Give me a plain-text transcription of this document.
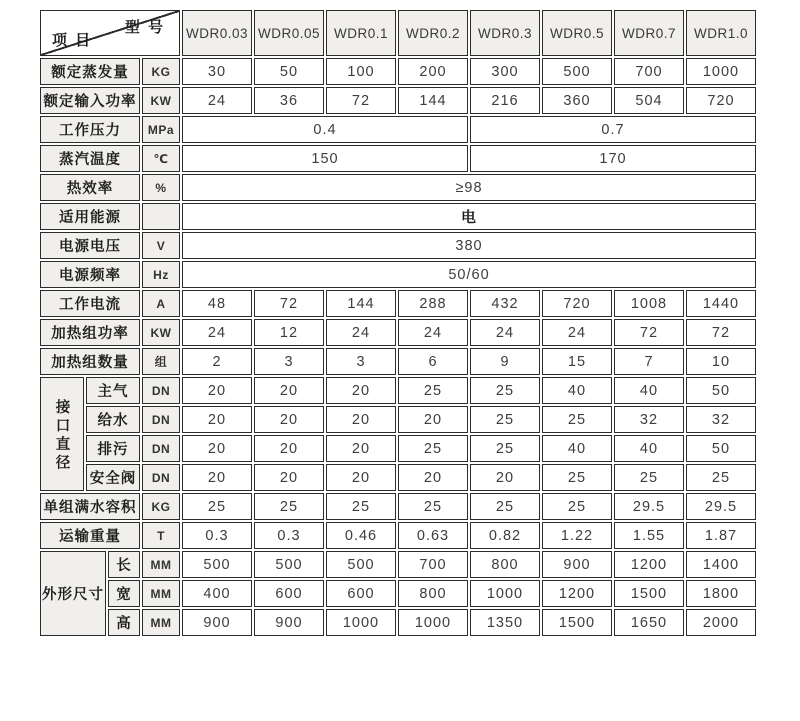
型 号
项 目				WDR0.03	WDR0.05	WDR0.1	WDR0.2	WDR0.3	WDR0.5	WDR0.7	WDR1.0
额定蒸发量			KG	30	50	100	200	300	500	700	1000
额定输入功率			KW	24	36	72	144	216	360	504	720
工作压力			MPa	0.4				0.7			
蒸汽温度			℃	150				170			
热效率			%	≥98							
适用能源				电							
电源电压			V	380							
电源频率			Hz	50/60							
工作电流			A	48	72	144	288	432	720	1008	1440
加热组功率			KW	24	12	24	24	24	24	72	72
加热组数量			组	2	3	3	6	9	15	7	10
接口直径	主气		DN	20	20	20	25	25	40	40	50
	给水		DN	20	20	20	20	25	25	32	32
	排污		DN	20	20	20	25	25	40	40	50
	安全阀		DN	20	20	20	20	20	25	25	25
单组满水容积			KG	25	25	25	25	25	25	29.5	29.5
运输重量			T	0.3	0.3	0.46	0.63	0.82	1.22	1.55	1.87
外形尺寸		长	MM	500	500	500	700	800	900	1200	1400
		宽	MM	400	600	600	800	1000	1200	1500	1800
		高	MM	900	900	1000	1000	1350	1500	1650	2000
